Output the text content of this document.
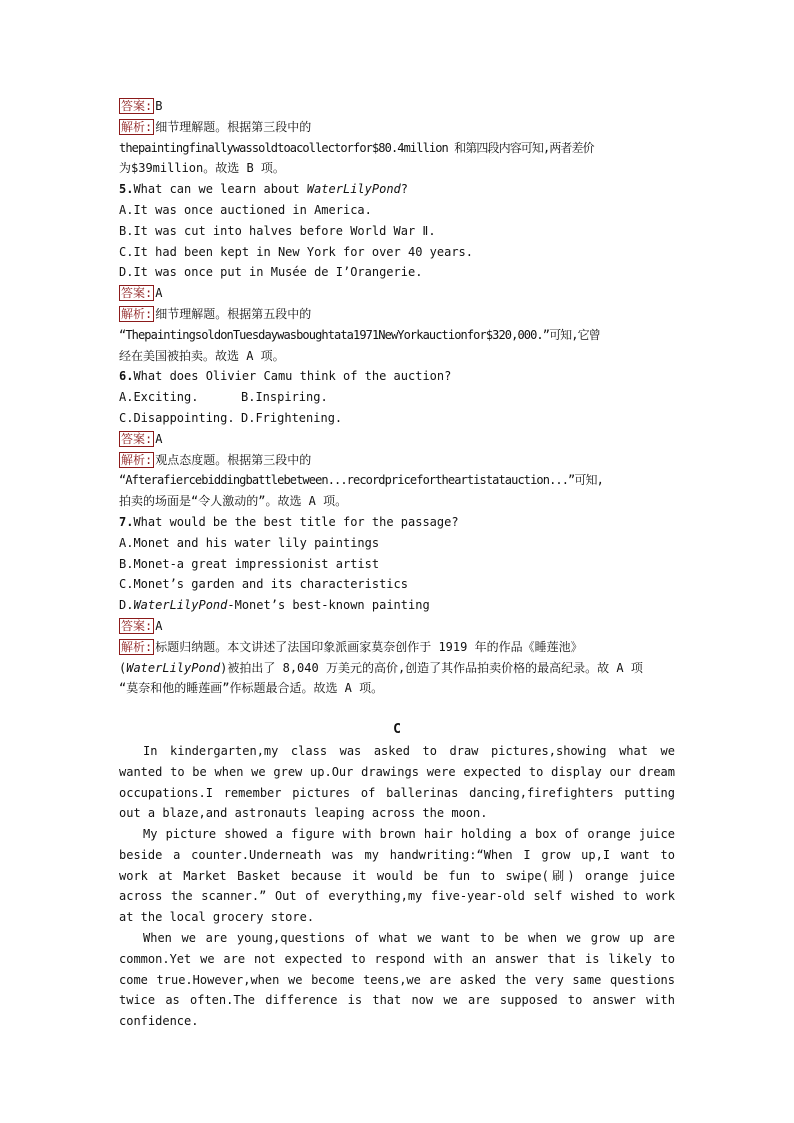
答案: B
解析: 细节理解题。根据第三段中的
thepaintingfinallywassoldtoacollectorfor$80.4million 和第四段内容可知,两者差价
为$39million。故选 B 项。
5.What can we learn about WaterLilyPond?
A.It was once auctioned in America.
B.It was cut into halves before World War Ⅱ.
C.It had been kept in New York for over 40 years.
D.It was once put in Musée de I’Orangerie.
答案: A
解析: 细节理解题。根据第五段中的
“ThepaintingsoldonTuesdaywasboughtata1971NewYorkauctionfor$320,000.”可知,它曾
经在美国被拍卖。故选 A 项。
6.What does Olivier Camu think of the auction?
A.Exciting.	B.Inspiring.
C.Disappointing. D.Frightening.
答案: A
解析: 观点态度题。根据第三段中的
“Afterafiercebiddingbattlebetween...recordpricefortheartistatauction...”可知,
拍卖的场面是“令人激动的”。故选 A 项。
7.What would be the best title for the passage?
A.Monet and his water lily paintings
B.Monet-a great impressionist artist
C.Monet’s garden and its characteristics
D.WaterLilyPond-Monet’s best-known painting
答案: A
解析: 标题归纳题。本文讲述了法国印象派画家莫奈创作于 1919 年的作品《睡莲池》
(WaterLilyPond)被拍出了 8,040 万美元的高价,创造了其作品拍卖价格的最高纪录。故 A 项
“莫奈和他的睡莲画”作标题最合适。故选 A 项。
C
In kindergarten,my class was asked to draw pictures,showing what we wanted to be when we grew up.Our drawings were expected to display our dream occupations.I remember pictures of ballerinas dancing,firefighters putting out a blaze,and astronauts leaping across the moon.
My picture showed a figure with brown hair holding a box of orange juice beside a counter.Underneath was my handwriting:“When I grow up,I want to work at Market Basket because it would be fun to swipe(刷) orange juice across the scanner.” Out of everything,my five-year-old self wished to work at the local grocery store.
When we are young,questions of what we want to be when we grow up are common.Yet we are not expected to respond with an answer that is likely to come true.However,when we become teens,we are asked the very same questions twice as often.The difference is that now we are supposed to answer with confidence.
